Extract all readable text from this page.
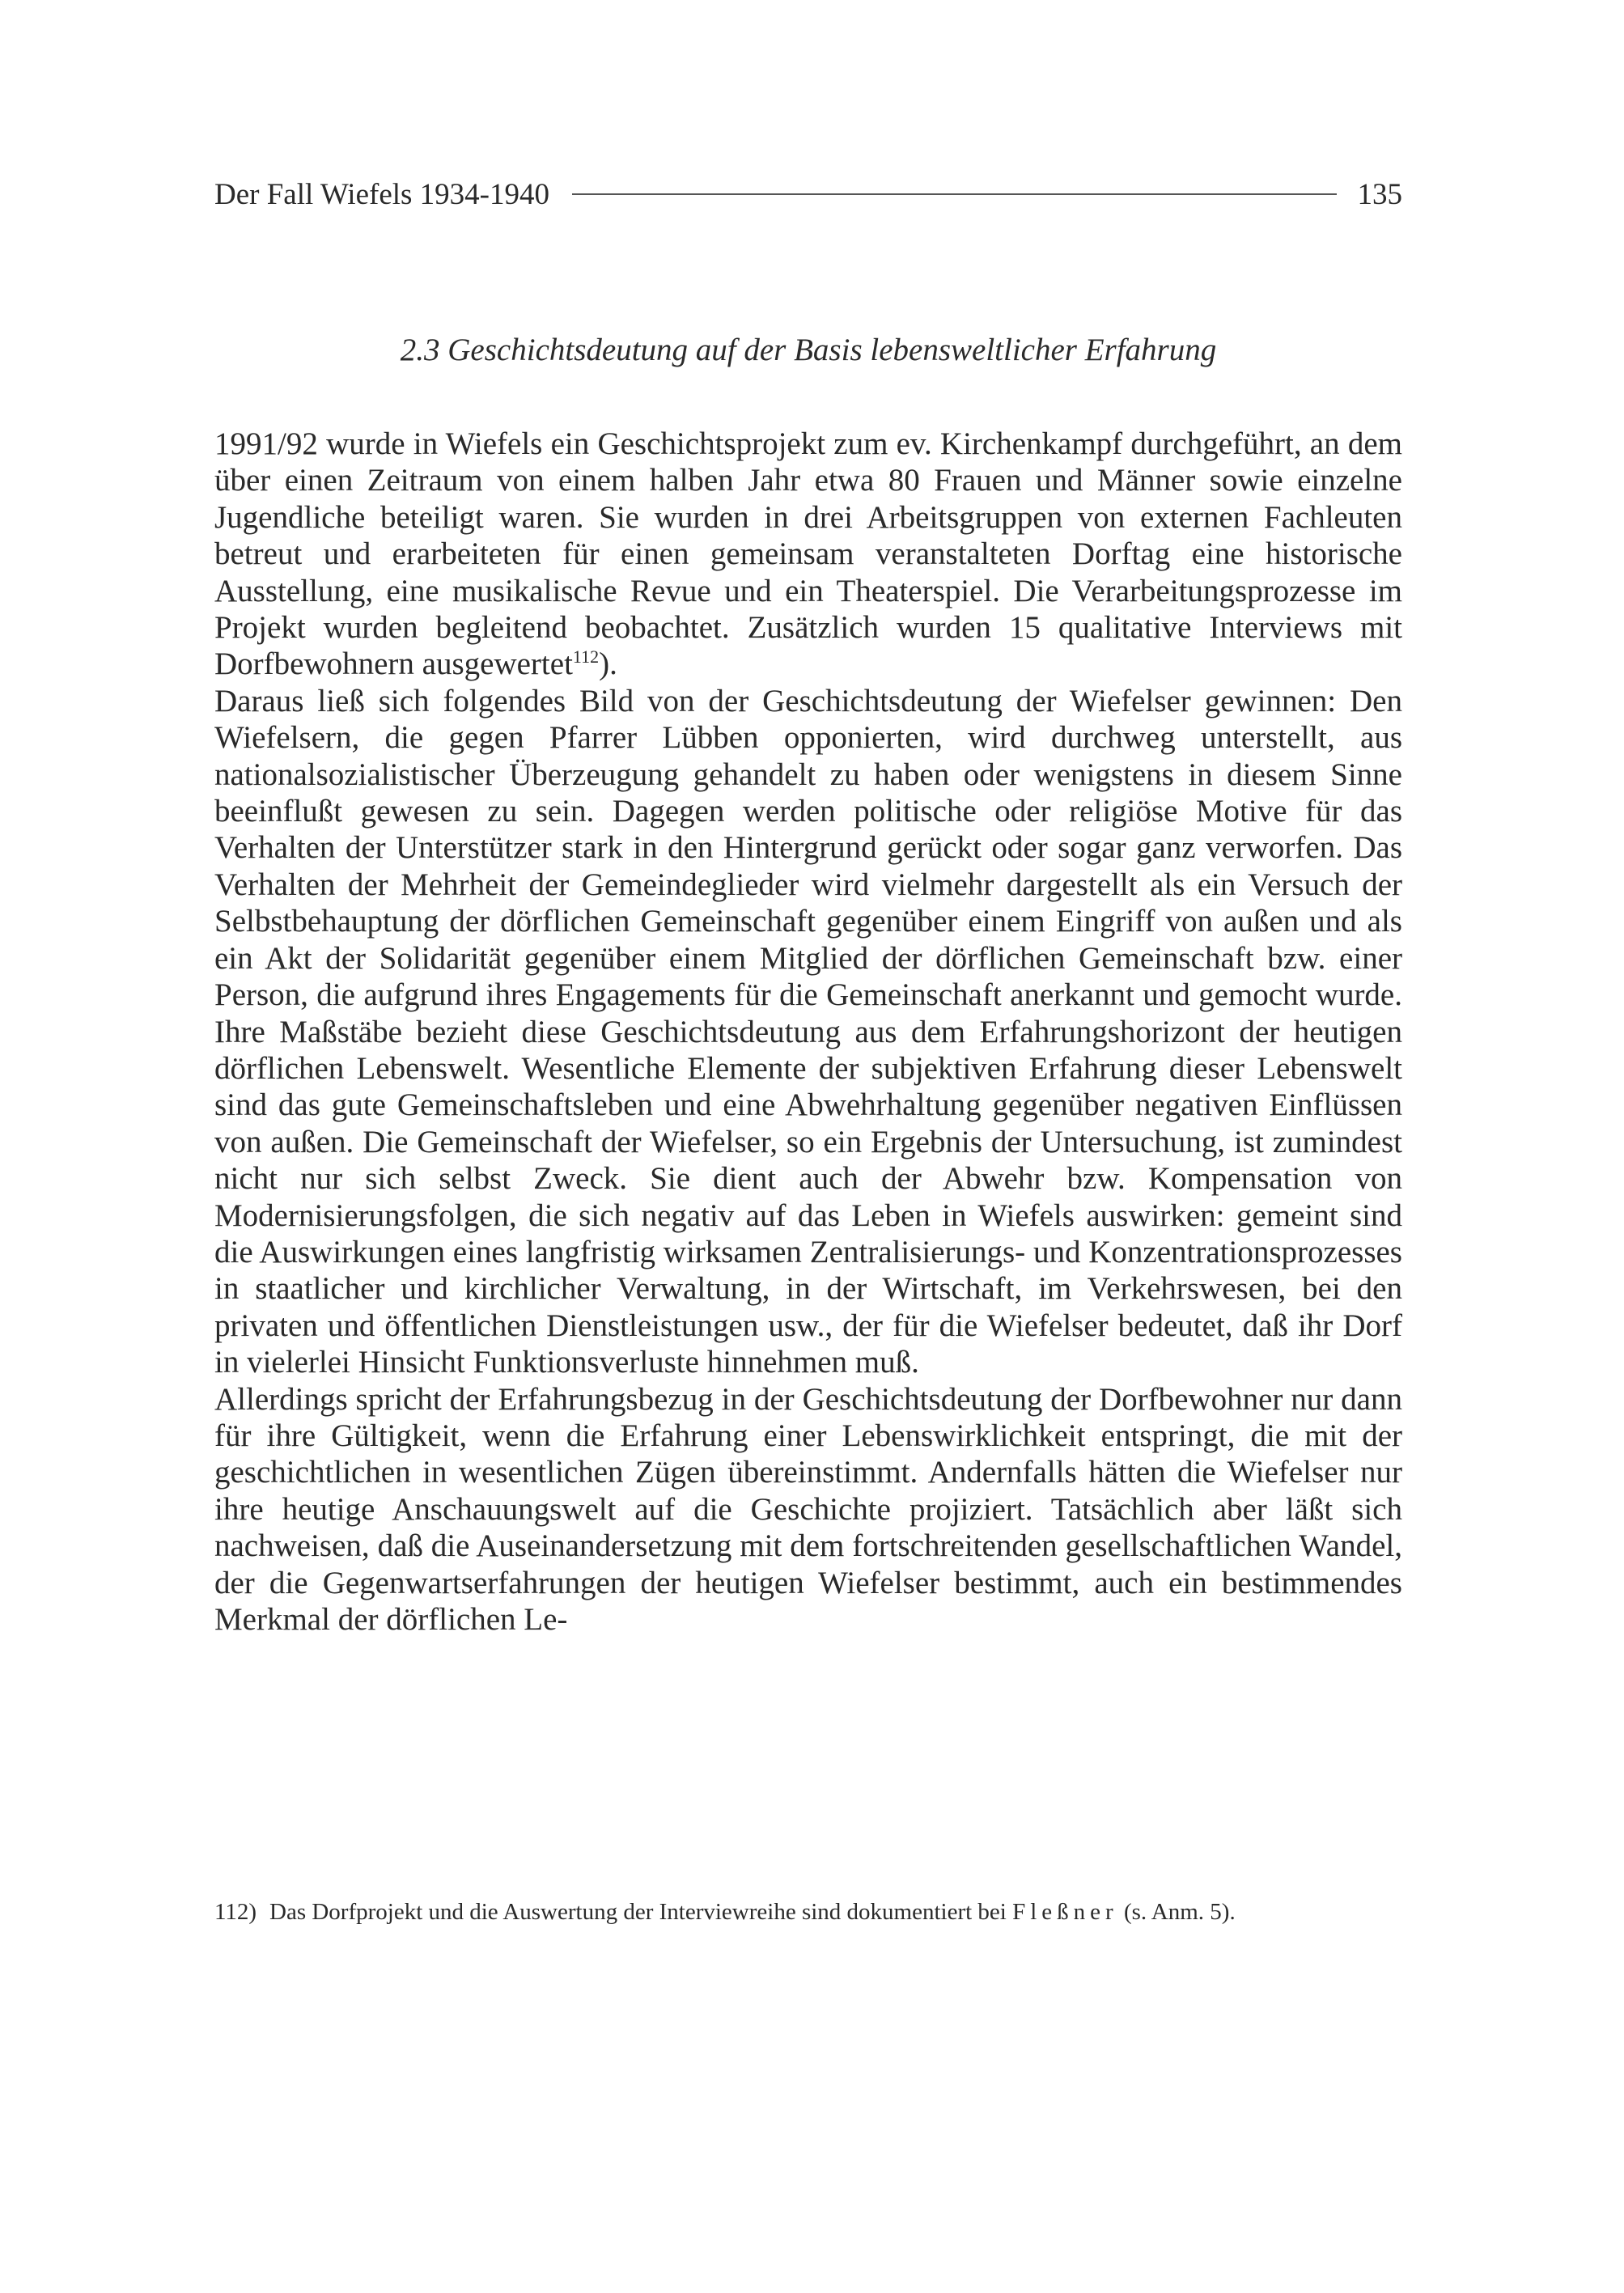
Der Fall Wiefels 1934-1940	135
2.3 Geschichtsdeutung auf der Basis lebensweltlicher Erfahrung

1991/92 wurde in Wiefels ein Geschichtsprojekt zum ev. Kirchenkampf durchgeführt, an dem über einen Zeitraum von einem halben Jahr etwa 80 Frauen und Männer sowie einzelne Jugendliche beteiligt waren. Sie wurden in drei Arbeitsgruppen von externen Fachleuten betreut und erarbeiteten für einen gemeinsam veranstalteten Dorftag eine historische Ausstellung, eine musikalische Revue und ein Theaterspiel. Die Verarbeitungsprozesse im Projekt wurden begleitend beobachtet. Zusätzlich wurden 15 qualitative Interviews mit Dorfbewohnern ausgewertet$^{112}$).

Daraus ließ sich folgendes Bild von der Geschichtsdeutung der Wiefelser gewinnen: Den Wiefelsern, die gegen Pfarrer Lübben opponierten, wird durchweg unterstellt, aus nationalsozialistischer Überzeugung gehandelt zu haben oder wenigstens in diesem Sinne beeinflußt gewesen zu sein. Dagegen werden politische oder religiöse Motive für das Verhalten der Unterstützer stark in den Hintergrund gerückt oder sogar ganz verworfen. Das Verhalten der Mehrheit der Gemeindeglieder wird vielmehr dargestellt als ein Versuch der Selbstbehauptung der dörflichen Gemeinschaft gegenüber einem Eingriff von außen und als ein Akt der Solidarität gegenüber einem Mitglied der dörflichen Gemeinschaft bzw. einer Person, die aufgrund ihres Engagements für die Gemeinschaft anerkannt und gemocht wurde. Ihre Maßstäbe bezieht diese Geschichtsdeutung aus dem Erfahrungshorizont der heutigen dörflichen Lebenswelt. Wesentliche Elemente der subjektiven Erfahrung dieser Lebenswelt sind das gute Gemeinschaftsleben und eine Abwehrhaltung gegenüber negativen Einflüssen von außen. Die Gemeinschaft der Wiefelser, so ein Ergebnis der Untersuchung, ist zumindest nicht nur sich selbst Zweck. Sie dient auch der Abwehr bzw. Kompensation von Modernisierungsfolgen, die sich negativ auf das Leben in Wiefels auswirken: gemeint sind die Auswirkungen eines langfristig wirksamen Zentralisierungs- und Konzentrationsprozesses in staatlicher und kirchlicher Verwaltung, in der Wirtschaft, im Verkehrswesen, bei den privaten und öffentlichen Dienstleistungen usw., der für die Wiefelser bedeutet, daß ihr Dorf in vielerlei Hinsicht Funktionsverluste hinnehmen muß.

Allerdings spricht der Erfahrungsbezug in der Geschichtsdeutung der Dorfbewohner nur dann für ihre Gültigkeit, wenn die Erfahrung einer Lebenswirklichkeit entspringt, die mit der geschichtlichen in wesentlichen Zügen übereinstimmt. Andernfalls hätten die Wiefelser nur ihre heutige Anschauungswelt auf die Geschichte projiziert. Tatsächlich aber läßt sich nachweisen, daß die Auseinandersetzung mit dem fortschreitenden gesellschaftlichen Wandel, der die Gegenwartserfahrungen der heutigen Wiefelser bestimmt, auch ein bestimmendes Merkmal der dörflichen Le-

112) Das Dorfprojekt und die Auswertung der Interviewreihe sind dokumentiert bei Fleßner (s. Anm. 5).
